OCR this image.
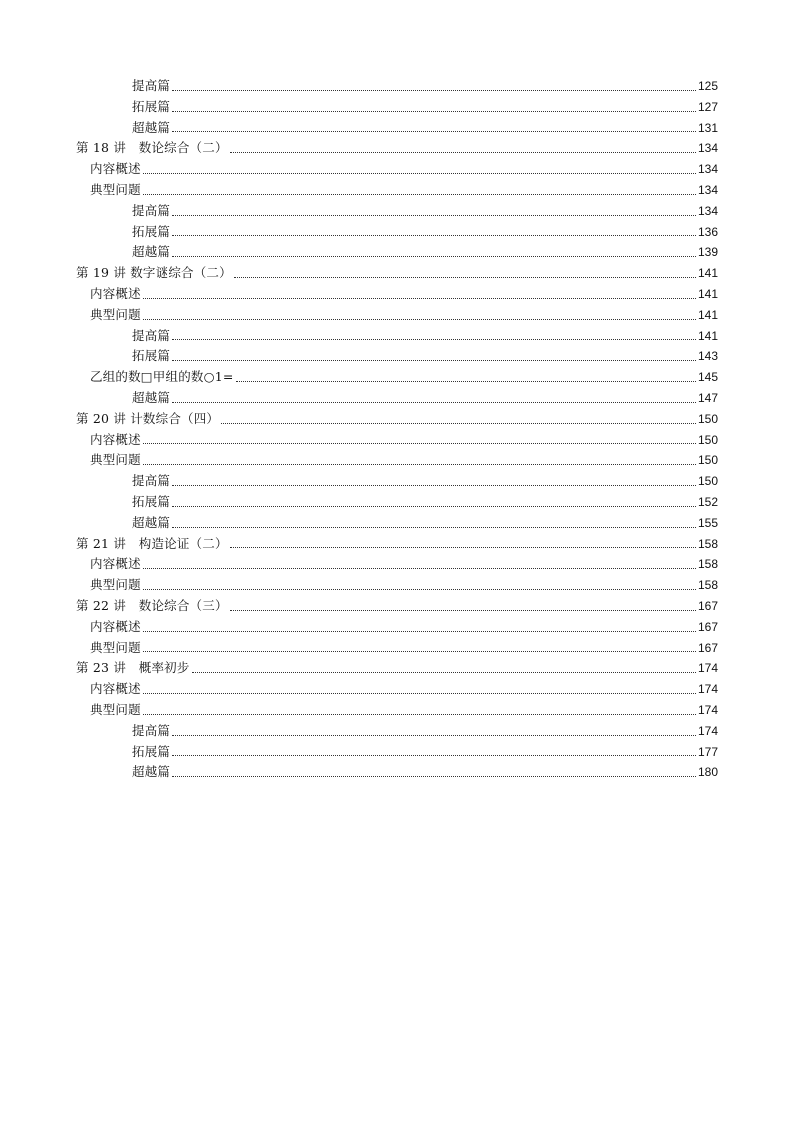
提高篇	125
拓展篇	127
超越篇	131
第 18 讲　数论综合（二）	134
内容概述	134
典型问题	134
提高篇	134
拓展篇	136
超越篇	139
第 19 讲 数字谜综合（二）	141
内容概述	141
典型问题	141
提高篇	141
拓展篇	143
乙组的数□甲组的数○1=	145
超越篇	147
第 20 讲 计数综合（四）	150
内容概述	150
典型问题	150
提高篇	150
拓展篇	152
超越篇	155
第 21 讲　构造论证（二）	158
内容概述	158
典型问题	158
第 22 讲　数论综合（三）	167
内容概述	167
典型问题	167
第 23 讲　概率初步	174
内容概述	174
典型问题	174
提高篇	174
拓展篇	177
超越篇	180
